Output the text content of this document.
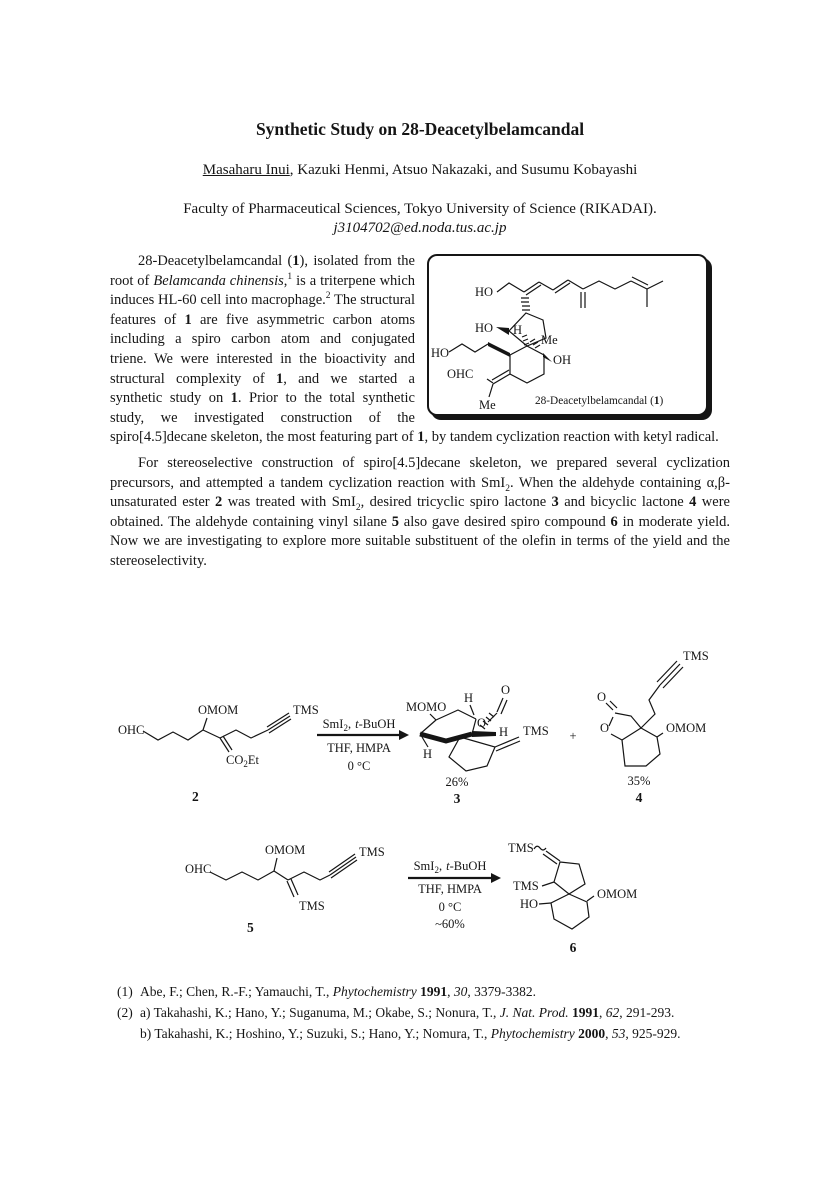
Synthetic Study on 28-Deacetylbelamcandal
Masaharu Inui, Kazuki Henmi, Atsuo Nakazaki, and Susumu Kobayashi
Faculty of Pharmaceutical Sciences, Tokyo University of Science (RIKADAI).
j3104702@ed.noda.tus.ac.jp
HO
HO
HO
H
Me
OH
OHC
Me	28-Deacetylbelamcandal (1)
28-Deacetylbelamcandal (1), isolated from the root of Belamcanda chinensis,$^1$ is a triterpene which induces HL-60 cell into macrophage.$^2$ The structural features of 1 are five asymmetric carbon atoms including a spiro carbon atom and conjugated triene. We were interested in the bioactivity and structural complexity of 1, and we started a synthetic study on 1. Prior to the total synthetic study, we investigated construction of the spiro[4.5]decane skeleton, the most featuring part of 1, by tandem cyclization reaction with ketyl radical.
For stereoselective construction of spiro[4.5]decane skeleton, we prepared several cyclization precursors, and attempted a tandem cyclization reaction with SmI$_2$. When the aldehyde containing α,β-unsaturated ester 2 was treated with SmI$_2$, desired tricyclic spiro lactone 3 and bicyclic lactone 4 were obtained. The aldehyde containing vinyl silane 5 also gave desired spiro compound 6 in moderate yield. Now we are investigating to explore more suitable substituent of the olefin in terms of the yield and the stereoselectivity.
OHC
OMOM
$CO_2Et$
TMS
2
SmI$_2$, t-BuOH
THF, HMPA
0 °C
MOMO
H
H
O
O
H TMS
26%
3
+
TMS
O
O	OMOM
35%
4
OHC
OMOM
TMS
TMS
5
SmI$_2$, t-BuOH
THF, HMPA
0 °C
~60%
TMS
TMS
HO
OMOM
6
(1) Abe, F.; Chen, R.-F.; Yamauchi, T., Phytochemistry 1991, 30, 3379-3382.
(2) a) Takahashi, K.; Hano, Y.; Suganuma, M.; Okabe, S.; Nonura, T., J. Nat. Prod. 1991, 62, 291-293.
b) Takahashi, K.; Hoshino, Y.; Suzuki, S.; Hano, Y.; Nomura, T., Phytochemistry 2000, 53, 925-929.
